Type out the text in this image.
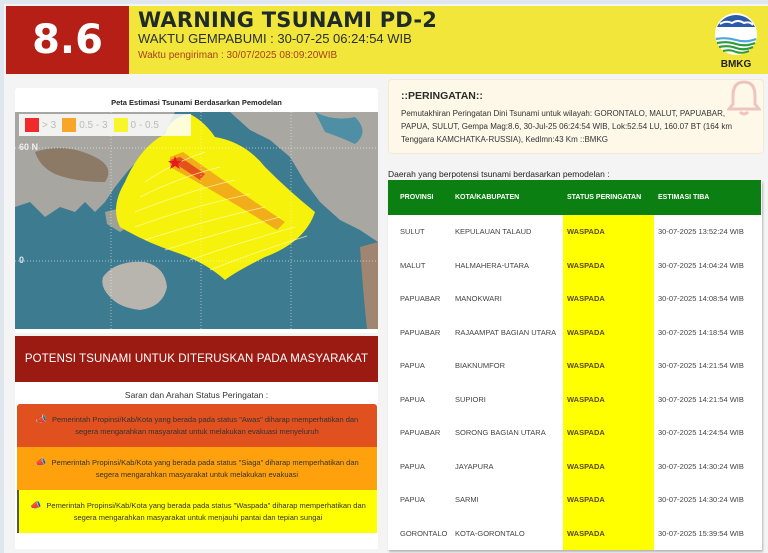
8.6	WARNING TSUNAMI PD-2
WAKTU GEMPABUMI : 30-07-25 06:24:54 WIB
Waktu pengiriman : 30/07/2025 08:09:20WIB
BMKG
Peta Estimasi Tsunami Berdasarkan Pemodelan
> 3 0.5 - 3 0 - 0.5
60 N
0
POTENSI TSUNAMI UNTUK DITERUSKAN PADA MASYARAKAT
Saran dan Arahan Status Peringatan :
📣 Pemerintah Propinsi/Kab/Kota yang berada pada status "Awas" diharap memperhatikan dan segera mengarahkan masyarakat untuk melakukan evakuasi menyeluruh
📣 Pemerintah Propinsi/Kab/Kota yang berada pada status "Siaga" diharap memperhatikan dan segera mengarahkan masyarakat untuk melakukan evakuasi
📣 Pemerintah Propinsi/Kab/Kota yang berada pada status "Waspada" diharap memperhatikan dan segera mengarahkan masyarakat untuk menjauhi pantai dan tepian sungai
::PERINGATAN::
Pemutakhiran Peringatan Dini Tsunami untuk wilayah: GORONTALO, MALUT, PAPUABAR, PAPUA, SULUT, Gempa Mag:8.6, 30-Jul-25 06:24:54 WIB, Lok:52.54 LU, 160.07 BT (164 km Tenggara KAMCHATKA-RUSSIA), Kedlmn:43 Km ::BMKG
Daerah yang berpotensi tsunami berdasarkan pemodelan :
PROVINSI	KOTA/KABUPATEN	STATUS PERINGATAN	ESTIMASI TIBA
SULUT	KEPULAUAN TALAUD	WASPADA	30-07-2025 13:52:24 WIB
MALUT	HALMAHERA-UTARA	WASPADA	30-07-2025 14:04:24 WIB
PAPUABAR	MANOKWARI	WASPADA	30-07-2025 14:08:54 WIB
PAPUABAR	RAJAAMPAT BAGIAN UTARA	WASPADA	30-07-2025 14:18:54 WIB
PAPUA	BIAKNUMFOR	WASPADA	30-07-2025 14:21:54 WIB
PAPUA	SUPIORI	WASPADA	30-07-2025 14:21:54 WIB
PAPUABAR	SORONG BAGIAN UTARA	WASPADA	30-07-2025 14:24:54 WIB
PAPUA	JAYAPURA	WASPADA	30-07-2025 14:30:24 WIB
PAPUA	SARMI	WASPADA	30-07-2025 14:30:24 WIB
GORONTALO	KOTA-GORONTALO	WASPADA	30-07-2025 15:39:54 WIB
